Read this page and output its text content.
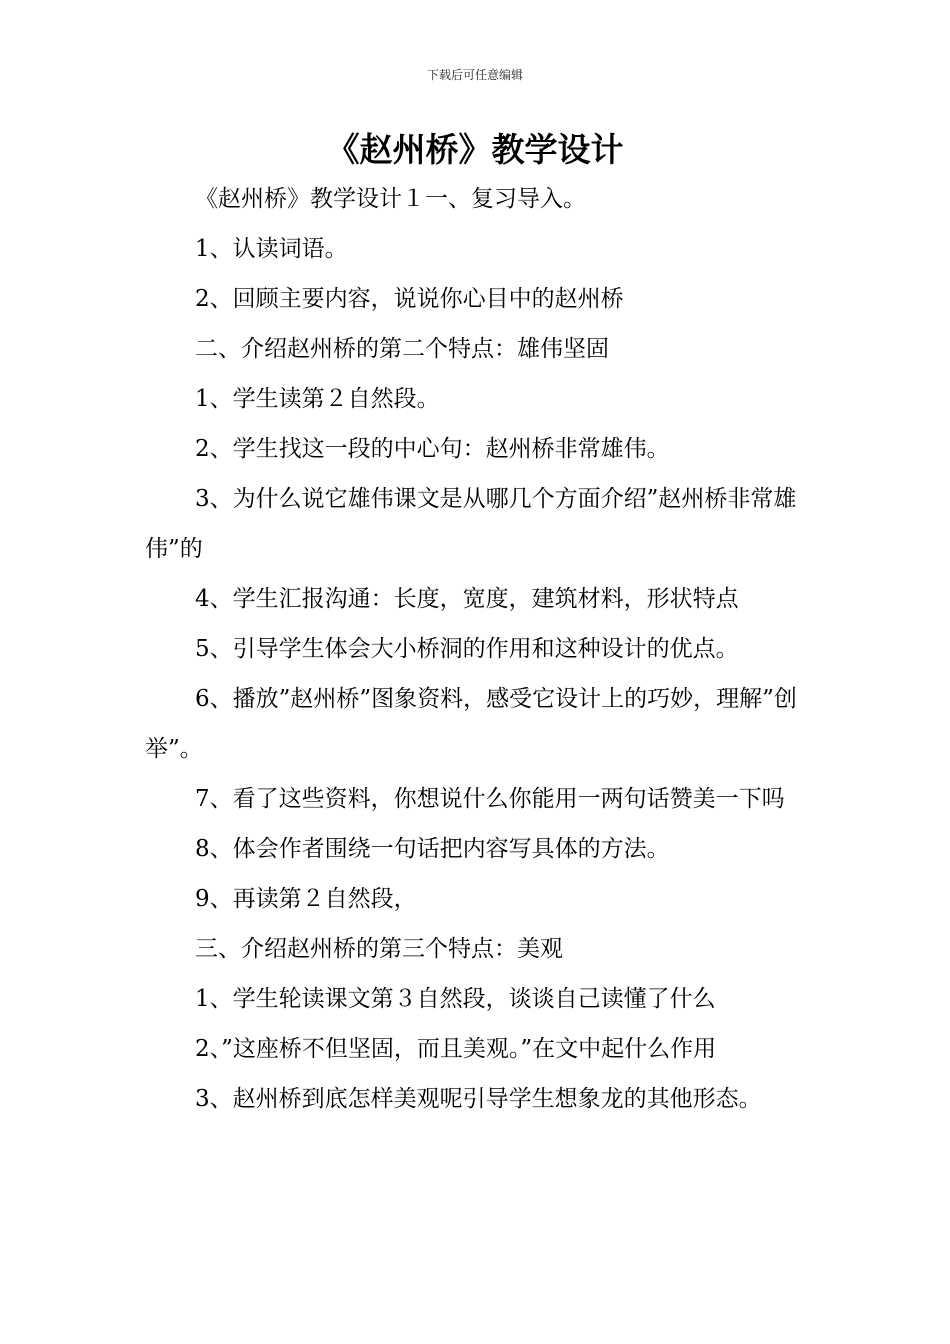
下载后可任意编辑
《赵州桥》教学设计

《赵州桥》教学设计１一、复习导入。

1、认读词语。

2、回顾主要内容，说说你心目中的赵州桥

二、介绍赵州桥的第二个特点：雄伟坚固

1、学生读第２自然段。

2、学生找这一段的中心句：赵州桥非常雄伟。

3、为什么说它雄伟课文是从哪几个方面介绍”赵州桥非常雄伟”的

4、学生汇报沟通：长度，宽度，建筑材料，形状特点

5、引导学生体会大小桥洞的作用和这种设计的优点。

6、播放”赵州桥”图象资料，感受它设计上的巧妙，理解”创举”。

7、看了这些资料，你想说什么你能用一两句话赞美一下吗

8、体会作者围绕一句话把内容写具体的方法。

9、再读第２自然段，

三、介绍赵州桥的第三个特点：美观

1、学生轮读课文第３自然段，谈谈自己读懂了什么

2、”这座桥不但坚固，而且美观。”在文中起什么作用

3、赵州桥到底怎样美观呢引导学生想象龙的其他形态。
